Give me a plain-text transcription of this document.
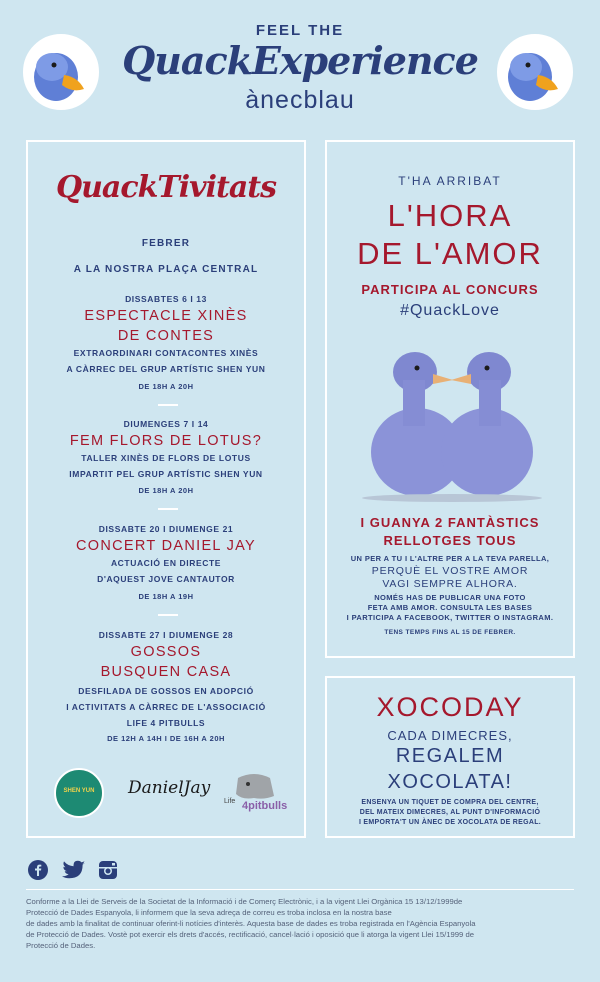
FEEL THE
QuackExperience
ànecblau
QuackTivitats
FEBRER
A LA NOSTRA PLAÇA CENTRAL
DISSABTES 6 I 13
ESPECTACLE XINÈS
DE CONTES
EXTRAORDINARI CONTACONTES XINÈS
A CÀRREC DEL GRUP ARTÍSTIC SHEN YUN
DE 18H A 20H
DIUMENGES 7 I 14
FEM FLORS DE LOTUS?
TALLER XINÈS DE FLORS DE LOTUS
IMPARTIT PEL GRUP ARTÍSTIC SHEN YUN
DE 18H A 20H
DISSABTE 20 I DIUMENGE 21
CONCERT DANIEL JAY
ACTUACIÓ EN DIRECTE
D'AQUEST JOVE CANTAUTOR
DE 18H A 19H
DISSABTE 27 I DIUMENGE 28
GOSSOS
BUSQUEN CASA
DESFILADA DE GOSSOS EN ADOPCIÓ
I ACTIVITATS A CÀRREC DE L'ASSOCIACIÓ
LIFE 4 PITBULLS
DE 12H A 14H I DE 16H A 20H
SHEN YUN	DanielJay
Life 4pitbulls
T'HA ARRIBAT
L'HORA
DE L'AMOR
PARTICIPA AL CONCURS
#QuackLove
I GUANYA 2 FANTÀSTICS
RELLOTGES TOUS
UN PER A TU I L'ALTRE PER A LA TEVA PARELLA,
PERQUÈ EL VOSTRE AMOR
VAGI SEMPRE ALHORA.
NOMÉS HAS DE PUBLICAR UNA FOTO
FETA AMB AMOR. CONSULTA LES BASES
I PARTICIPA A FACEBOOK, TWITTER O INSTAGRAM.
TENS TEMPS FINS AL 15 DE FEBRER.
XOCODAY
CADA DIMECRES,
REGALEM
XOCOLATA!
ENSENYA UN TIQUET DE COMPRA DEL CENTRE,
DEL MATEIX DIMECRES, AL PUNT D'INFORMACIÓ
I EMPORTA'T UN ÀNEC DE XOCOLATA DE REGAL.
Conforme a la Llei de Serveis de la Societat de la Informació i de Comerç Electrònic, i a la vigent Llei Orgànica 15 13/12/1999de
Protecció de Dades Espanyola, li informem que la seva adreça de correu es troba inclosa en la nostra base
de dades amb la finalitat de continuar oferint-li notícies d'interès. Aquesta base de dades es troba registrada en l'Agència Espanyola
de Protecció de Dades. Vostè pot exercir els drets d'accés, rectificació, cancel·lació i oposició que li atorga la vigent Llei 15/1999 de
Protecció de Dades.
